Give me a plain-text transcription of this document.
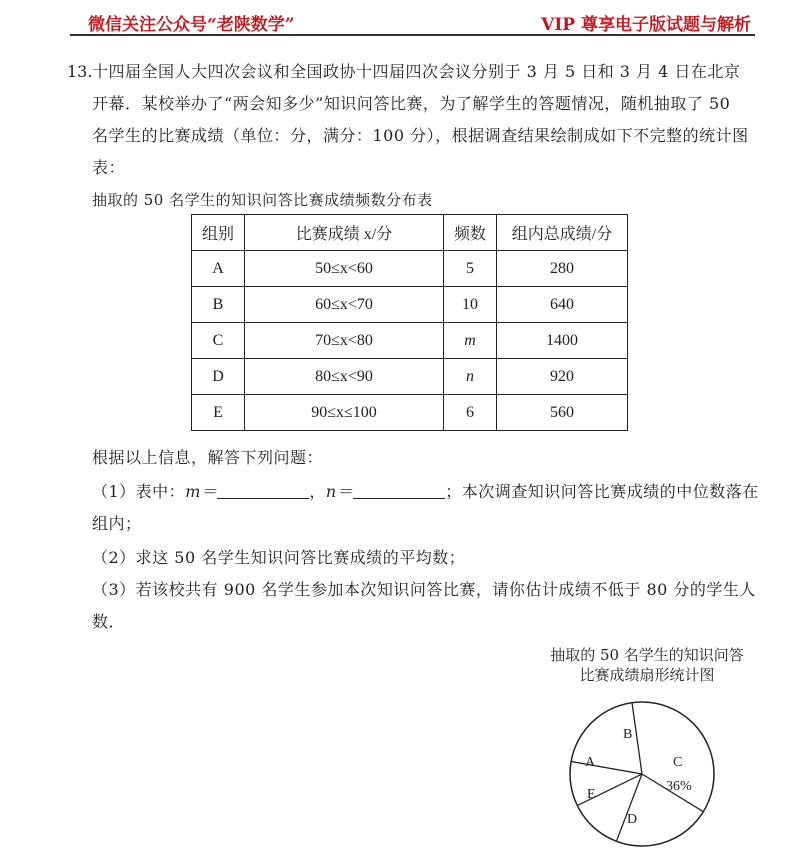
微信关注公众号“老陕数学”	VIP 尊享电子版试题与解析
13. 十四届全国人大四次会议和全国政协十四届四次会议分别于 3 月 5 日和 3 月 4 日在北京
开幕．某校举办了“两会知多少”知识问答比赛，为了解学生的答题情况，随机抽取了 50
名学生的比赛成绩（单位：分，满分：100 分），根据调查结果绘制成如下不完整的统计图
表：
抽取的 50 名学生的知识问答比赛成绩频数分布表
组别	比赛成绩 x/分	频数	组内总成绩/分
A	50≤x<60	5	280
B	60≤x<70	10	640
C	70≤x<80	m	1400
D	80≤x<90	n	920
E	90≤x≤100	6	560
根据以上信息，解答下列问题：
（1）表中：m＝	，n＝	；本次调查知识问答比赛成绩的中位数落在
组内；
（2）求这 50 名学生知识问答比赛成绩的平均数；
（3）若该校共有 900 名学生参加本次知识问答比赛，请你估计成绩不低于 80 分的学生人
数．
抽取的 50 名学生的知识问答
比赛成绩扇形统计图
B
A	C
36%
E
D
